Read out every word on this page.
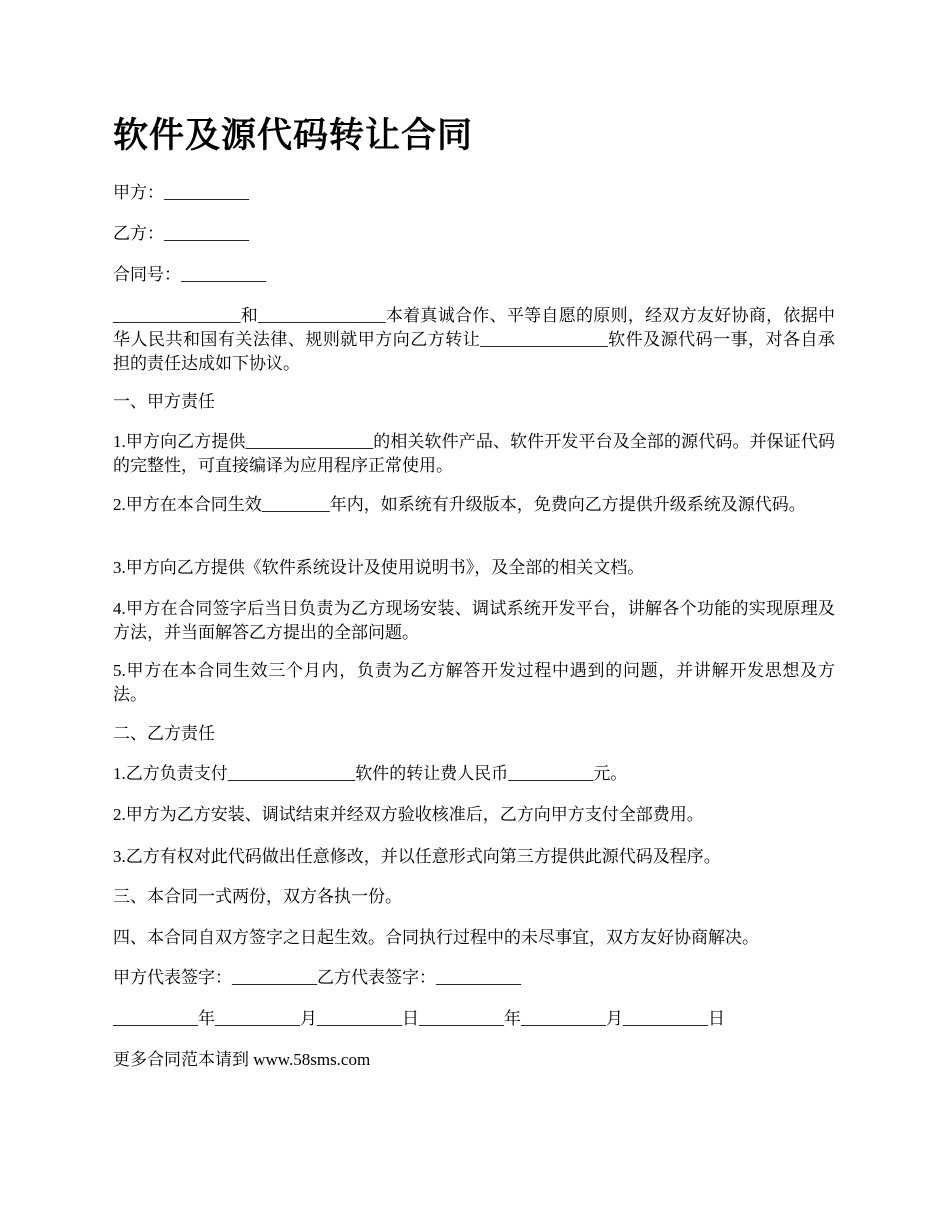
软件及源代码转让合同

甲方：__________

乙方：__________

合同号：__________

_______________和_______________本着真诚合作、平等自愿的原则，经双方友好协商，依据中华人民共和国有关法律、规则就甲方向乙方转让_______________软件及源代码一事，对各自承担的责任达成如下协议。

一、甲方责任

1.甲方向乙方提供_______________的相关软件产品、软件开发平台及全部的源代码。并保证代码的完整性，可直接编译为应用程序正常使用。

2.甲方在本合同生效________年内，如系统有升级版本，免费向乙方提供升级系统及源代码。

3.甲方向乙方提供《软件系统设计及使用说明书》，及全部的相关文档。

4.甲方在合同签字后当日负责为乙方现场安装、调试系统开发平台，讲解各个功能的实现原理及方法，并当面解答乙方提出的全部问题。

5.甲方在本合同生效三个月内，负责为乙方解答开发过程中遇到的问题，并讲解开发思想及方法。

二、乙方责任

1.乙方负责支付_______________软件的转让费人民币__________元。

2.甲方为乙方安装、调试结束并经双方验收核准后，乙方向甲方支付全部费用。

3.乙方有权对此代码做出任意修改，并以任意形式向第三方提供此源代码及程序。

三、本合同一式两份，双方各执一份。

四、本合同自双方签字之日起生效。合同执行过程中的未尽事宜，双方友好协商解决。

甲方代表签字：__________乙方代表签字：__________

__________年__________月__________日__________年__________月__________日

更多合同范本请到 www.58sms.com
